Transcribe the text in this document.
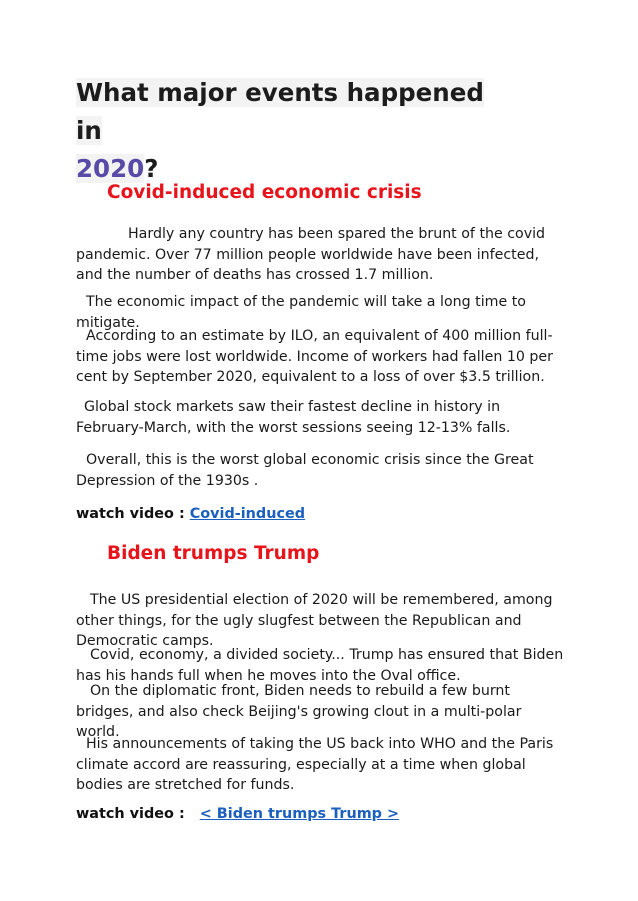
What major events happened in
2020?
Covid-induced economic crisis

Hardly any country has been spared the brunt of the covid pandemic. Over 77 million people worldwide have been infected, and the number of deaths has crossed 1.7 million.

The economic impact of the pandemic will take a long time to mitigate.

According to an estimate by ILO, an equivalent of 400 million full-time jobs were lost worldwide. Income of workers had fallen 10 per cent by September 2020, equivalent to a loss of over $3.5 trillion.

Global stock markets saw their fastest decline in history in February-March, with the worst sessions seeing 12-13% falls.

Overall, this is the worst global economic crisis since the Great Depression of the 1930s .

watch video : Covid-induced

Biden trumps Trump

The US presidential election of 2020 will be remembered, among other things, for the ugly slugfest between the Republican and Democratic camps.

Covid, economy, a divided society... Trump has ensured that Biden has his hands full when he moves into the Oval office.

On the diplomatic front, Biden needs to rebuild a few burnt bridges, and also check Beijing's growing clout in a multi-polar world.

His announcements of taking the US back into WHO and the Paris climate accord are reassuring, especially at a time when global bodies are stretched for funds.

watch video : < Biden trumps Trump >
